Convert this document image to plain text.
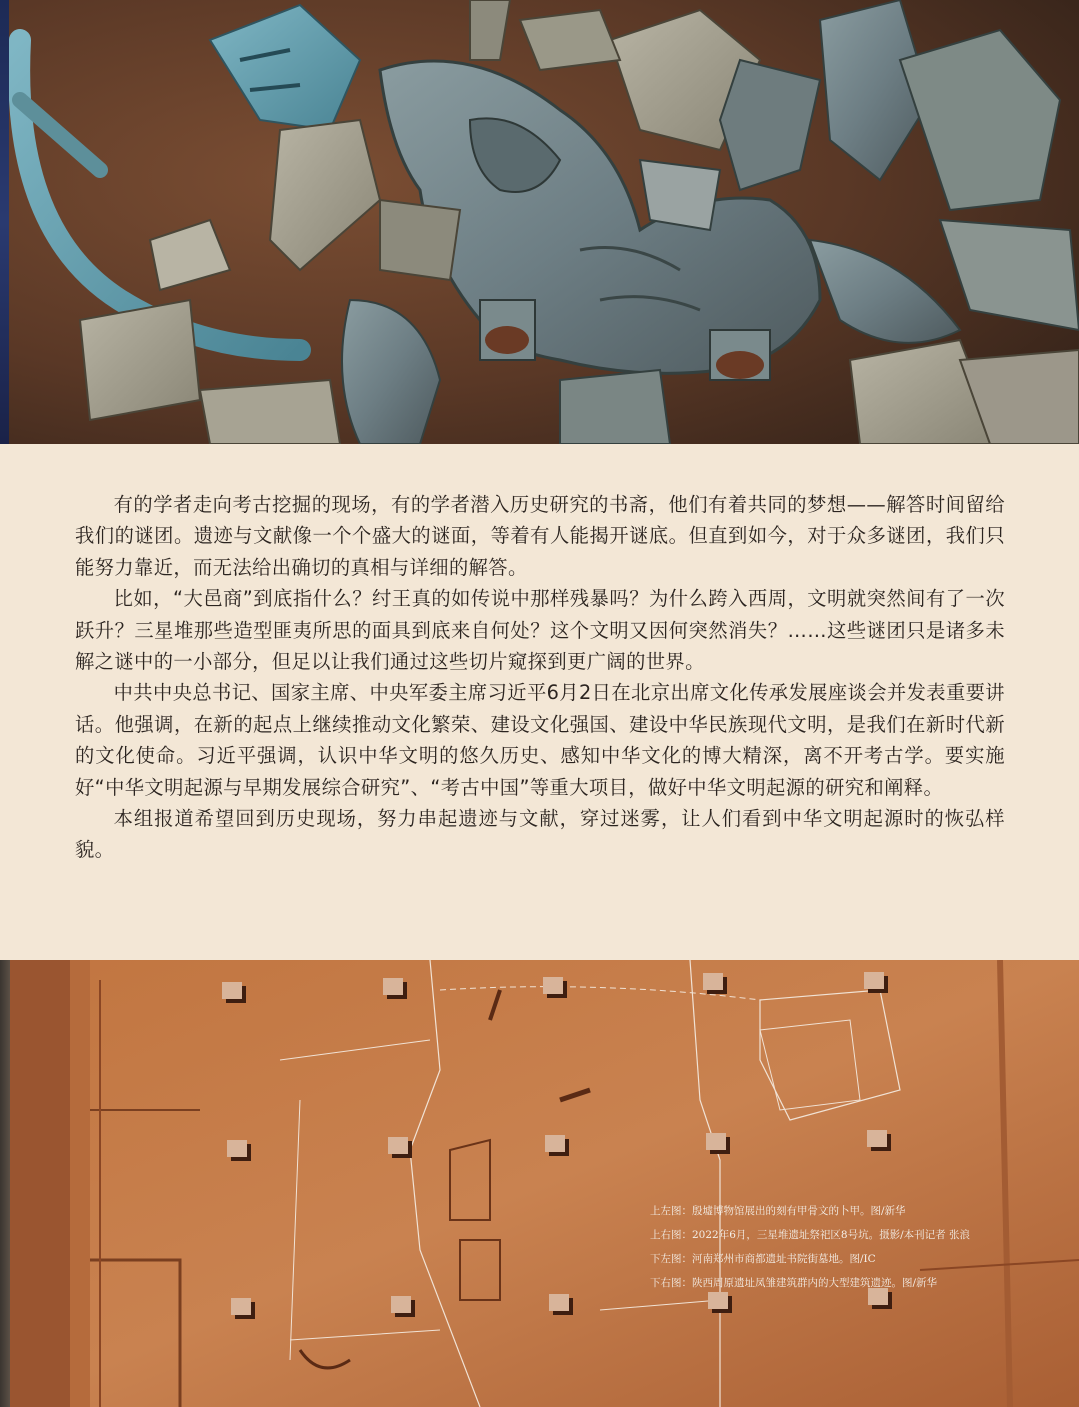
有的学者走向考古挖掘的现场，有的学者潜入历史研究的书斋，他们有着共同的梦想——解答时间留给我们的谜团。遗迹与文献像一个个盛大的谜面，等着有人能揭开谜底。但直到如今，对于众多谜团，我们只能努力靠近，而无法给出确切的真相与详细的解答。

比如，“大邑商”到底指什么？纣王真的如传说中那样残暴吗？为什么跨入西周，文明就突然间有了一次跃升？三星堆那些造型匪夷所思的面具到底来自何处？这个文明又因何突然消失？……这些谜团只是诸多未解之谜中的一小部分，但足以让我们通过这些切片窥探到更广阔的世界。

中共中央总书记、国家主席、中央军委主席习近平6月2日在北京出席文化传承发展座谈会并发表重要讲话。他强调，在新的起点上继续推动文化繁荣、建设文化强国、建设中华民族现代文明，是我们在新时代新的文化使命。习近平强调，认识中华文明的悠久历史、感知中华文化的博大精深，离不开考古学。要实施好“中华文明起源与早期发展综合研究”、“考古中国”等重大项目，做好中华文明起源的研究和阐释。

本组报道希望回到历史现场，努力串起遗迹与文献，穿过迷雾，让人们看到中华文明起源时的恢弘样貌。

上左图：殷墟博物馆展出的刻有甲骨文的卜甲。图/新华
上右图：2022年6月，三星堆遗址祭祀区8号坑。摄影/本刊记者 张浪
下左图：河南郑州市商都遗址书院街墓地。图/IC
下右图：陕西周原遗址凤雏建筑群内的大型建筑遗迹。图/新华
